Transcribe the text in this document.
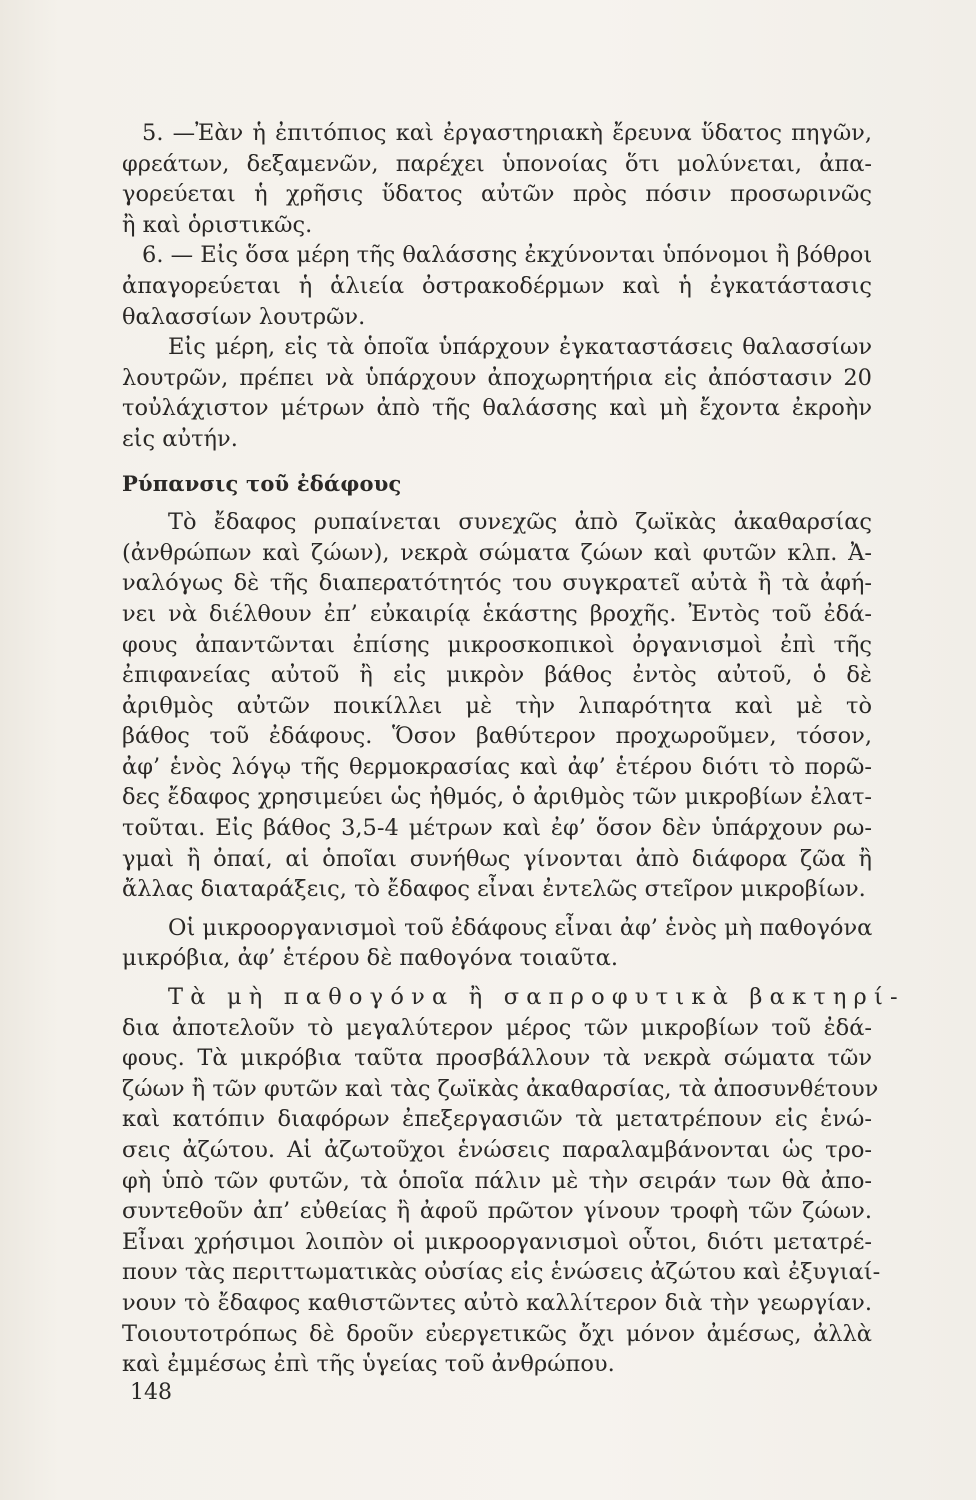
5. —Ἐὰν ἡ ἐπιτόπιος καὶ ἐργαστηριακὴ ἔρευνα ὕδατος πηγῶν,
φρεάτων, δεξαμενῶν, παρέχει ὑπονοίας ὅτι μολύνεται, ἀπα-
γορεύεται ἡ χρῆσις ὕδατος αὐτῶν πρὸς πόσιν προσωρινῶς
ἢ καὶ ὁριστικῶς.
6. — Εἰς ὅσα μέρη τῆς θαλάσσης ἐκχύνονται ὑπόνομοι ἢ βόθροι
ἀπαγορεύεται ἡ ἁλιεία ὀστρακοδέρμων καὶ ἡ ἐγκατάστασις
θαλασσίων λουτρῶν.
Εἰς μέρη, εἰς τὰ ὁποῖα ὑπάρχουν ἐγκαταστάσεις θαλασσίων
λουτρῶν, πρέπει νὰ ὑπάρχουν ἀποχωρητήρια εἰς ἀπόστασιν 20
τοὐλάχιστον μέτρων ἀπὸ τῆς θαλάσσης καὶ μὴ ἔχοντα ἐκροὴν
εἰς αὐτήν.
Ρύπανσις τοῦ ἐδάφους
Τὸ ἔδαφος ρυπαίνεται συνεχῶς ἀπὸ ζωϊκὰς ἀκαθαρσίας
(ἀνθρώπων καὶ ζώων), νεκρὰ σώματα ζώων καὶ φυτῶν κλπ. Ἀ-
ναλόγως δὲ τῆς διαπερατότητός του συγκρατεῖ αὐτὰ ἢ τὰ ἀφή-
νει νὰ διέλθουν ἐπ’ εὐκαιρίᾳ ἑκάστης βροχῆς. Ἐντὸς τοῦ ἐδά-
φους ἀπαντῶνται ἐπίσης μικροσκοπικοὶ ὀργανισμοὶ ἐπὶ τῆς
ἐπιφανείας αὐτοῦ ἢ εἰς μικρὸν βάθος ἐντὸς αὐτοῦ, ὁ δὲ
ἀριθμὸς αὐτῶν ποικίλλει μὲ τὴν λιπαρότητα καὶ μὲ τὸ
βάθος τοῦ ἐδάφους. Ὅσον βαθύτερον προχωροῦμεν, τόσον,
ἀφ’ ἑνὸς λόγῳ τῆς θερμοκρασίας καὶ ἀφ’ ἑτέρου διότι τὸ πορῶ-
δες ἔδαφος χρησιμεύει ὡς ἠθμός, ὁ ἀριθμὸς τῶν μικροβίων ἐλατ-
τοῦται. Εἰς βάθος 3,5-4 μέτρων καὶ ἐφ’ ὅσον δὲν ὑπάρχουν ρω-
γμαὶ ἢ ὀπαί, αἱ ὁποῖαι συνήθως γίνονται ἀπὸ διάφορα ζῶα ἢ
ἄλλας διαταράξεις, τὸ ἔδαφος εἶναι ἐντελῶς στεῖρον μικροβίων.
Οἱ μικροοργανισμοὶ τοῦ ἐδάφους εἶναι ἀφ’ ἑνὸς μὴ παθογόνα
μικρόβια, ἀφ’ ἑτέρου δὲ παθογόνα τοιαῦτα.
Τὰ μὴ παθογόνα ἢ σαπροφυτικὰ βακτηρί-
δια ἀποτελοῦν τὸ μεγαλύτερον μέρος τῶν μικροβίων τοῦ ἐδά-
φους. Τὰ μικρόβια ταῦτα προσβάλλουν τὰ νεκρὰ σώματα τῶν
ζώων ἢ τῶν φυτῶν καὶ τὰς ζωϊκὰς ἀκαθαρσίας, τὰ ἀποσυνθέτουν
καὶ κατόπιν διαφόρων ἐπεξεργασιῶν τὰ μετατρέπουν εἰς ἑνώ-
σεις ἀζώτου. Αἱ ἀζωτοῦχοι ἑνώσεις παραλαμβάνονται ὡς τρο-
φὴ ὑπὸ τῶν φυτῶν, τὰ ὁποῖα πάλιν μὲ τὴν σειράν των θὰ ἀπο-
συντεθοῦν ἀπ’ εὐθείας ἢ ἀφοῦ πρῶτον γίνουν τροφὴ τῶν ζώων.
Εἶναι χρήσιμοι λοιπὸν οἱ μικροοργανισμοὶ οὗτοι, διότι μετατρέ-
πουν τὰς περιττωματικὰς οὐσίας εἰς ἑνώσεις ἀζώτου καὶ ἐξυγιαί-
νουν τὸ ἔδαφος καθιστῶντες αὐτὸ καλλίτερον διὰ τὴν γεωργίαν.
Τοιουτοτρόπως δὲ δροῦν εὐεργετικῶς ὄχι μόνον ἀμέσως, ἀλλὰ
καὶ ἐμμέσως ἐπὶ τῆς ὑγείας τοῦ ἀνθρώπου.
148
